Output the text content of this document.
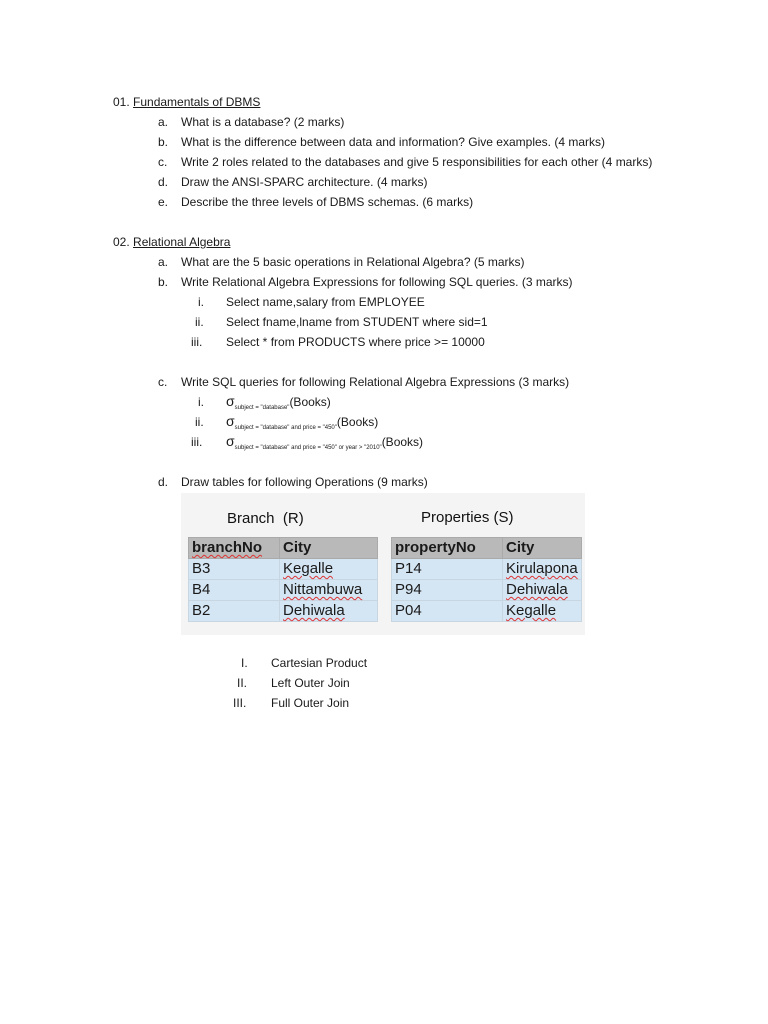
01. Fundamentals of DBMS
a. What is a database? (2 marks)
b. What is the difference between data and information? Give examples. (4 marks)
c. Write 2 roles related to the databases and give 5 responsibilities for each other (4 marks)
d. Draw the ANSI-SPARC architecture. (4 marks)
e. Describe the three levels of DBMS schemas. (6 marks)
02. Relational Algebra
a. What are the 5 basic operations in Relational Algebra? (5 marks)
b. Write Relational Algebra Expressions for following SQL queries. (3 marks)
i. Select name,salary from EMPLOYEE
ii. Select fname,lname from STUDENT where sid=1
iii. Select * from PRODUCTS where price >= 10000
c. Write SQL queries for following Relational Algebra Expressions (3 marks)
i. $\sigma_{subject = "database"}(Books)$
ii. $\sigma_{subject = "database" and price = "450"}(Books)$
iii. $\sigma_{subject = "database" and price = "450" or year > "2010"}(Books)$
d. Draw tables for following Operations (9 marks)
Branch (R)	Properties (S)
branchNo	City
B3	Kegalle
B4	Nittambuwa
B2	Dehiwala
propertyNo	City
P14	Kirulapona
P94	Dehiwala
P04	Kegalle
I. Cartesian Product
II. Left Outer Join
III. Full Outer Join
